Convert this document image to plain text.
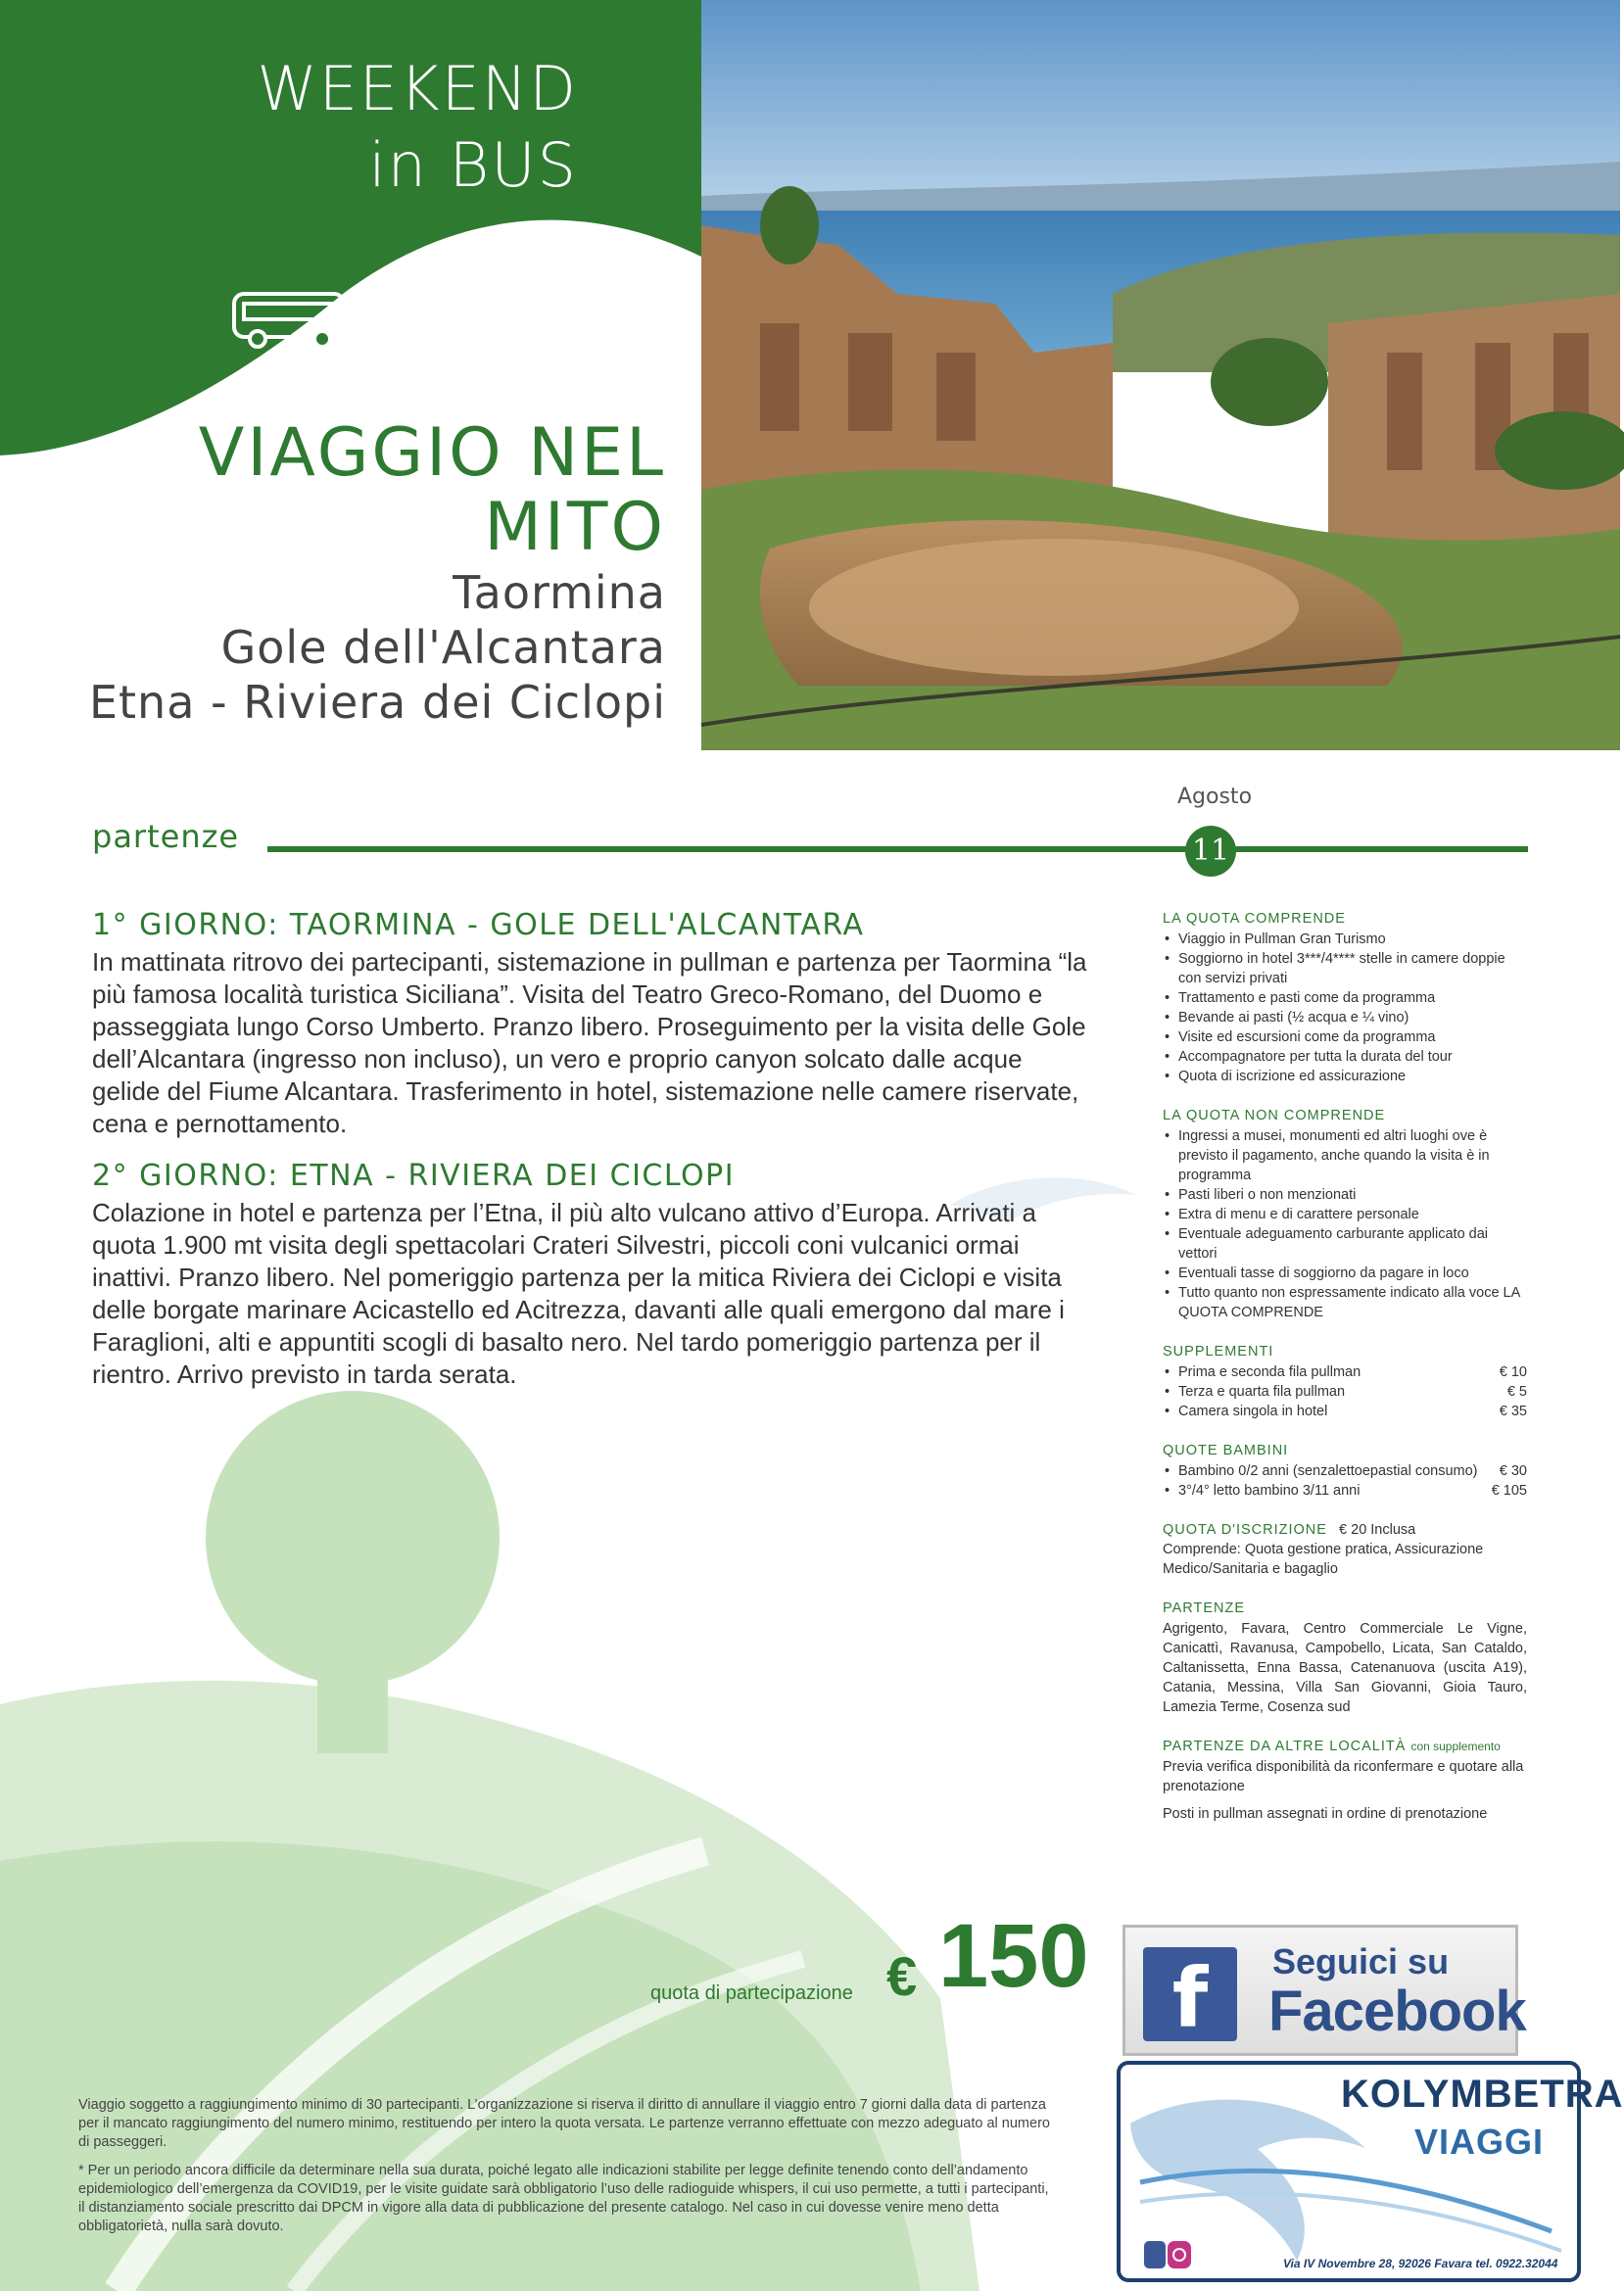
WEEKEND
in BUS
VIAGGIO NEL
MITO
Taormina
Gole dell'Alcantara
Etna - Riviera dei Ciclopi
partenze
Agosto
11
1° GIORNO: TAORMINA - GOLE DELL'ALCANTARA
In mattinata ritrovo dei partecipanti, sistemazione in pullman e partenza per Taormina “la più famosa località turistica Siciliana”. Visita del Teatro Greco-Romano, del Duomo e passeggiata lungo Corso Umberto. Pranzo libero. Proseguimento per la visita delle Gole dell’Alcantara (ingresso non incluso), un vero e proprio canyon solcato dalle acque gelide del Fiume Alcantara. Trasferimento in hotel, sistemazione nelle camere riservate, cena e pernottamento.
2° GIORNO: ETNA - RIVIERA DEI CICLOPI
Colazione in hotel e partenza per l’Etna, il più alto vulcano attivo d’Europa. Arrivati a quota 1.900 mt visita degli spettacolari Crateri Silvestri, piccoli coni vulcanici ormai inattivi. Pranzo libero. Nel pomeriggio partenza per la mitica Riviera dei Ciclopi e visita delle borgate marinare Acicastello ed Acitrezza, davanti alle quali emergono dal mare i Faraglioni, alti e appuntiti scogli di basalto nero. Nel tardo pomeriggio partenza per il rientro. Arrivo previsto in tarda serata.
LA QUOTA COMPRENDE
• Viaggio in Pullman Gran Turismo
• Soggiorno in hotel 3***/4**** stelle in camere doppie con servizi privati
• Trattamento e pasti come da programma
• Bevande ai pasti (½ acqua e ¼ vino)
• Visite ed escursioni come da programma
• Accompagnatore per tutta la durata del tour
• Quota di iscrizione ed assicurazione
LA QUOTA NON COMPRENDE
• Ingressi a musei, monumenti ed altri luoghi ove è previsto il pagamento, anche quando la visita è in programma
• Pasti liberi o non menzionati
• Extra di menu e di carattere personale
• Eventuale adeguamento carburante applicato dai vettori
• Eventuali tasse di soggiorno da pagare in loco
• Tutto quanto non espressamente indicato alla voce LA QUOTA COMPRENDE
SUPPLEMENTI
• Prima e seconda fila pullman	€ 10
• Terza e quarta fila pullman	€ 5
• Camera singola in hotel	€ 35
QUOTE BAMBINI
• Bambino 0/2 anni (senzalettoepastial consumo) € 30
• 3°/4° letto bambino 3/11 anni	€ 105

QUOTA D'ISCRIZIONE € 20 Inclusa

Comprende: Quota gestione pratica, Assicurazione Medico/Sanitaria e bagaglio

PARTENZE

Agrigento, Favara, Centro Commerciale Le Vigne, Canicattì, Ravanusa, Campobello, Licata, San Cataldo, Caltanissetta, Enna Bassa, Catenanuova (uscita A19), Catania, Messina, Villa San Giovanni, Gioia Tauro, Lamezia Terme, Cosenza sud

PARTENZE DA ALTRE LOCALITÀ con supplemento

Previa verifica disponibilità da riconfermare e quotare alla prenotazione

Posti in pullman assegnati in ordine di prenotazione

quota di partecipazione € 150

Viaggio soggetto a raggiungimento minimo di 30 partecipanti. L’organizzazione si riserva il diritto di annullare il viaggio entro 7 giorni dalla data di partenza per il mancato raggiungimento del numero minimo, restituendo per intero la quota versata. Le partenze verranno effettuate con mezzo adeguato al numero di passeggeri.

* Per un periodo ancora difficile da determinare nella sua durata, poiché legato alle indicazioni stabilite per legge definite tenendo conto dell’andamento epidemiologico dell’emergenza da COVID19, per le visite guidate sarà obbligatorio l’uso delle radioguide whispers, il cui uso permette, a tutti i partecipanti, il distanziamento sociale prescritto dai DPCM in vigore alla data di pubblicazione del presente catalogo. Nel caso in cui dovesse venire meno detta obbligatorietà, nulla sarà dovuto.

f	Seguici su
Facebook
KOLYMBETRA
VIAGGI
Via IV Novembre 28, 92026 Favara tel. 0922.32044
